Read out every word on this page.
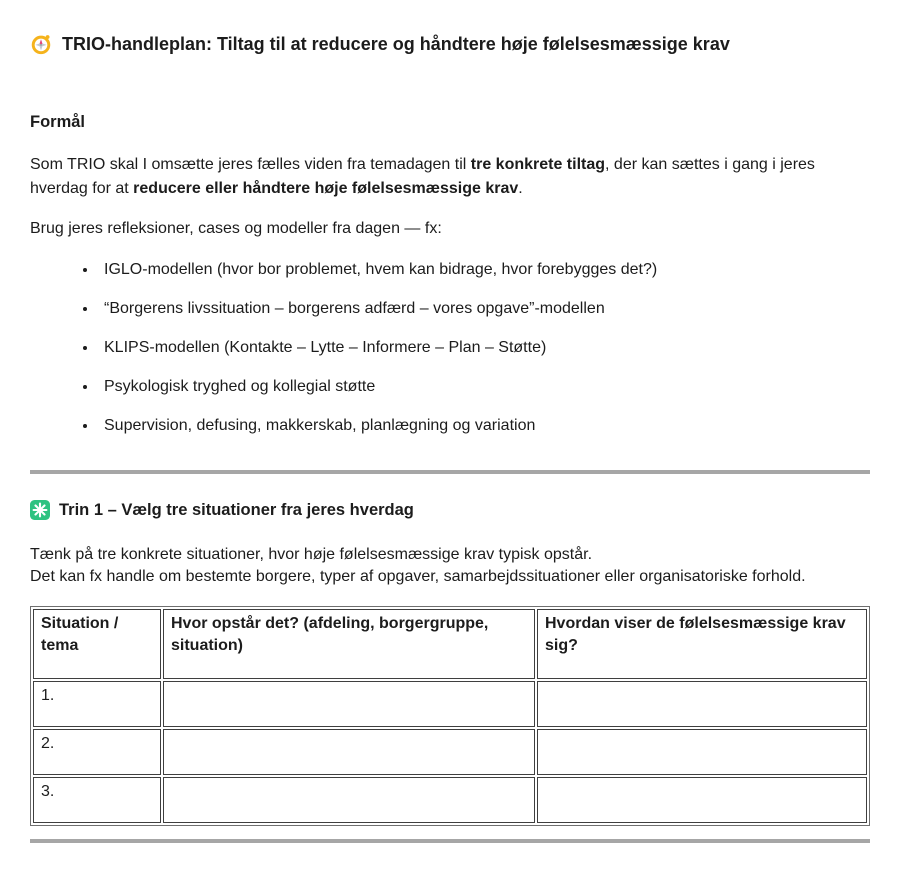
TRIO-handleplan: Tiltag til at reducere og håndtere høje følelsesmæssige krav
Formål

Som TRIO skal I omsætte jeres fælles viden fra temadagen til tre konkrete tiltag, der kan sættes i gang i jeres hverdag for at reducere eller håndtere høje følelsesmæssige krav.

Brug jeres refleksioner, cases og modeller fra dagen — fx:

• IGLO-modellen (hvor bor problemet, hvem kan bidrage, hvor forebygges det?)
• “Borgerens livssituation – borgerens adfærd – vores opgave”-modellen
• KLIPS-modellen (Kontakte – Lytte – Informere – Plan – Støtte)
• Psykologisk tryghed og kollegial støtte
• Supervision, defusing, makkerskab, planlægning og variation
Trin 1 – Vælg tre situationer fra jeres hverdag

Tænk på tre konkrete situationer, hvor høje følelsesmæssige krav typisk opstår.
Det kan fx handle om bestemte borgere, typer af opgaver, samarbejdssituationer eller organisatoriske forhold.

Situation / tema	Hvor opstår det? (afdeling, borgergruppe, situation)	Hvordan viser de følelsesmæssige krav sig?
1.		
2.		
3.		
